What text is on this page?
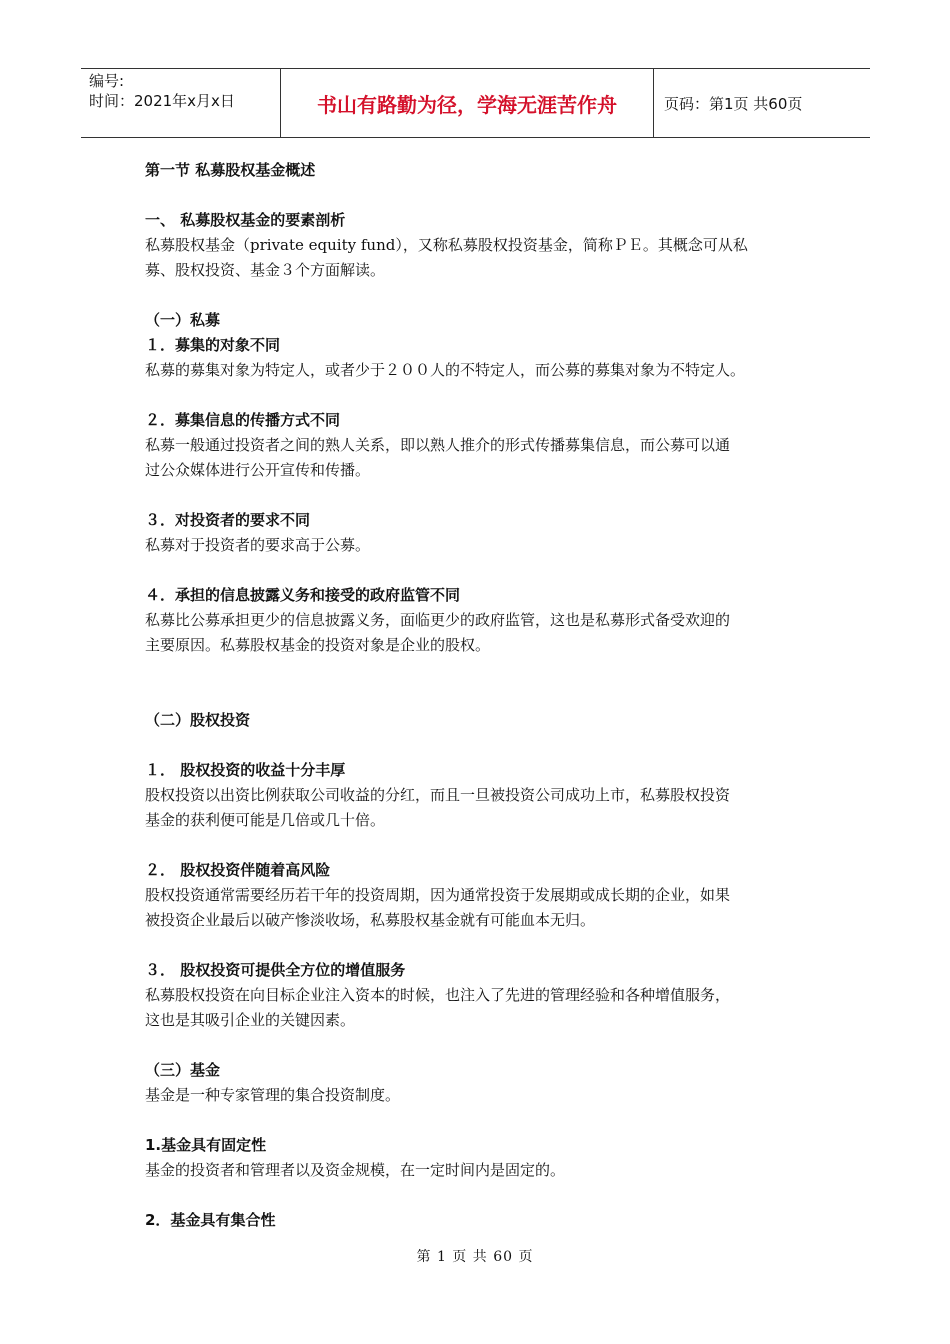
编号:
时间：2021年x月x日	书山有路勤为径，学海无涯苦作舟	页码：第1页 共60页

第一节 私募股权基金概述

一、 私募股权基金的要素剖析

私募股权基金（private equity fund），又称私募股权投资基金，简称ＰＥ。其概念可从私

募、股权投资、基金３个方面解读。

（一）私募

１．募集的对象不同

私募的募集对象为特定人，或者少于２００人的不特定人，而公募的募集对象为不特定人。

２．募集信息的传播方式不同

私募一般通过投资者之间的熟人关系，即以熟人推介的形式传播募集信息，而公募可以通

过公众媒体进行公开宣传和传播。

３．对投资者的要求不同

私募对于投资者的要求高于公募。

４．承担的信息披露义务和接受的政府监管不同

私募比公募承担更少的信息披露义务，面临更少的政府监管，这也是私募形式备受欢迎的

主要原因。私募股权基金的投资对象是企业的股权。

（二）股权投资

１． 股权投资的收益十分丰厚

股权投资以出资比例获取公司收益的分红，而且一旦被投资公司成功上市，私募股权投资

基金的获利便可能是几倍或几十倍。

２． 股权投资伴随着高风险

股权投资通常需要经历若干年的投资周期，因为通常投资于发展期或成长期的企业，如果

被投资企业最后以破产惨淡收场，私募股权基金就有可能血本无归。

３． 股权投资可提供全方位的增值服务

私募股权投资在向目标企业注入资本的时候，也注入了先进的管理经验和各种增值服务，

这也是其吸引企业的关键因素。

（三）基金

基金是一种专家管理的集合投资制度。

1.基金具有固定性

基金的投资者和管理者以及资金规模，在一定时间内是固定的。

2．基金具有集合性

第 1 页 共 60 页
